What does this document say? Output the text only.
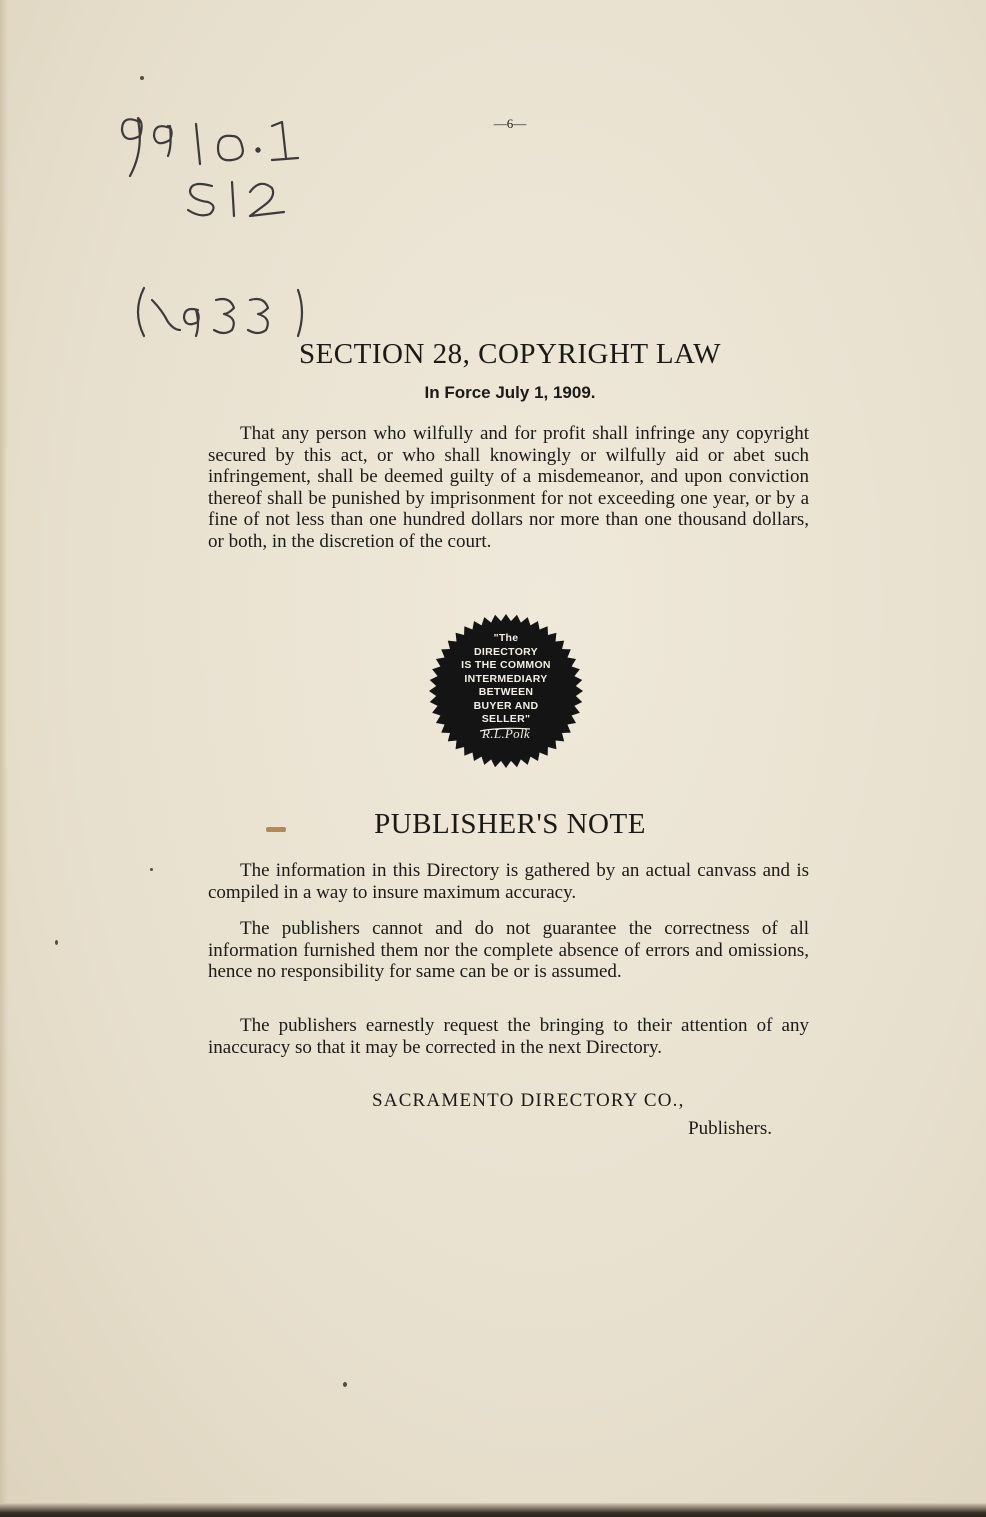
—6—
SECTION 28, COPYRIGHT LAW
In Force July 1, 1909.
That any person who wilfully and for profit shall infringe any copyright secured by this act, or who shall knowingly or wilfully aid or abet such infringement, shall be deemed guilty of a misdemeanor, and upon conviction thereof shall be punished by imprisonment for not exceeding one year, or by a fine of not less than one hundred dollars nor more than one thousand dollars, or both, in the discretion of the court.
"The
DIRECTORY
IS THE COMMON
INTERMEDIARY
BETWEEN
BUYER AND SELLER"
R.L.Polk
PUBLISHER'S NOTE
The information in this Directory is gathered by an actual canvass and is compiled in a way to insure maximum accuracy.
The publishers cannot and do not guarantee the correctness of all information furnished them nor the complete absence of errors and omissions, hence no responsibility for same can be or is assumed.
The publishers earnestly request the bringing to their attention of any inaccuracy so that it may be corrected in the next Directory.
SACRAMENTO DIRECTORY CO.,
Publishers.
